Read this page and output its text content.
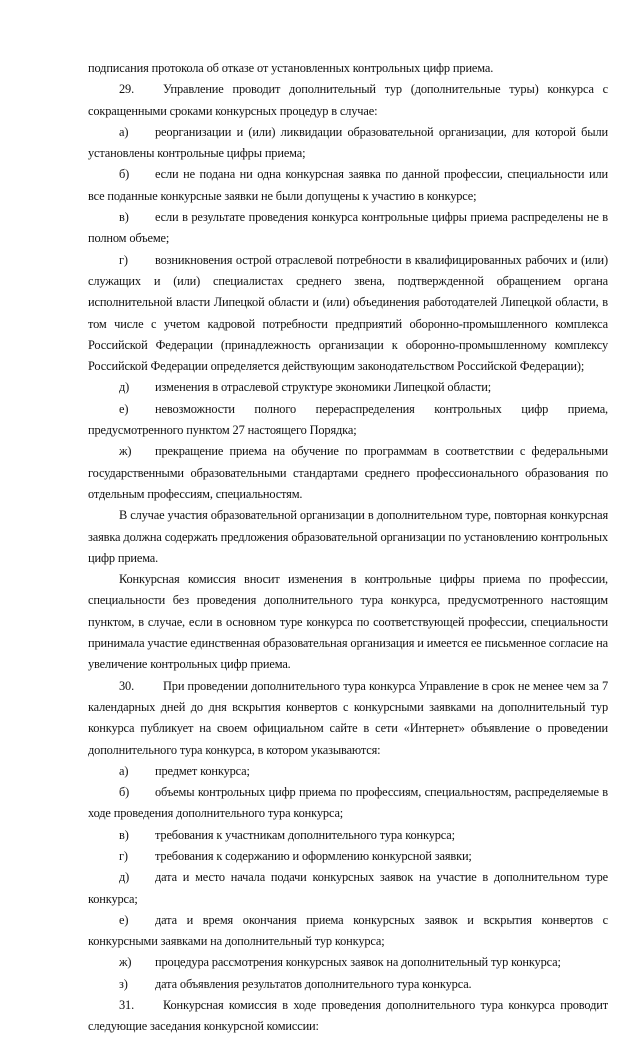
подписания протокола об отказе от установленных контрольных цифр приема.

29. Управление проводит дополнительный тур (дополнительные туры) конкурса с сокращенными сроками конкурсных процедур в случае:

а) реорганизации и (или) ликвидации образовательной организации, для которой были установлены контрольные цифры приема;

б) если не подана ни одна конкурсная заявка по данной профессии, специальности или все поданные конкурсные заявки не были допущены к участию в конкурсе;

в) если в результате проведения конкурса контрольные цифры приема распределены не в полном объеме;

г) возникновения острой отраслевой потребности в квалифицированных рабочих и (или) служащих и (или) специалистах среднего звена, подтвержденной обращением органа исполнительной власти Липецкой области и (или) объединения работодателей Липецкой области, в том числе с учетом кадровой потребности предприятий оборонно-промышленного комплекса Российской Федерации (принадлежность организации к оборонно-промышленному комплексу Российской Федерации определяется действующим законодательством Российской Федерации);

д) изменения в отраслевой структуре экономики Липецкой области;

е) невозможности полного перераспределения контрольных цифр приема, предусмотренного пунктом 27 настоящего Порядка;

ж) прекращение приема на обучение по программам в соответствии с федеральными государственными образовательными стандартами среднего профессионального образования по отдельным профессиям, специальностям.

В случае участия образовательной организации в дополнительном туре, повторная конкурсная заявка должна содержать предложения образовательной организации по установлению контрольных цифр приема.

Конкурсная комиссия вносит изменения в контрольные цифры приема по профессии, специальности без проведения дополнительного тура конкурса, предусмотренного настоящим пунктом, в случае, если в основном туре конкурса по соответствующей профессии, специальности принимала участие единственная образовательная организация и имеется ее письменное согласие на увеличение контрольных цифр приема.

30. При проведении дополнительного тура конкурса Управление в срок не менее чем за 7 календарных дней до дня вскрытия конвертов с конкурсными заявками на дополнительный тур конкурса публикует на своем официальном сайте в сети «Интернет» объявление о проведении дополнительного тура конкурса, в котором указываются:

а) предмет конкурса;

б) объемы контрольных цифр приема по профессиям, специальностям, распределяемые в ходе проведения дополнительного тура конкурса;

в) требования к участникам дополнительного тура конкурса;

г) требования к содержанию и оформлению конкурсной заявки;

д) дата и место начала подачи конкурсных заявок на участие в дополнительном туре конкурса;

е) дата и время окончания приема конкурсных заявок и вскрытия конвертов с конкурсными заявками на дополнительный тур конкурса;

ж) процедура рассмотрения конкурсных заявок на дополнительный тур конкурса;

з) дата объявления результатов дополнительного тура конкурса.

31. Конкурсная комиссия в ходе проведения дополнительного тура конкурса проводит следующие заседания конкурсной комиссии:
